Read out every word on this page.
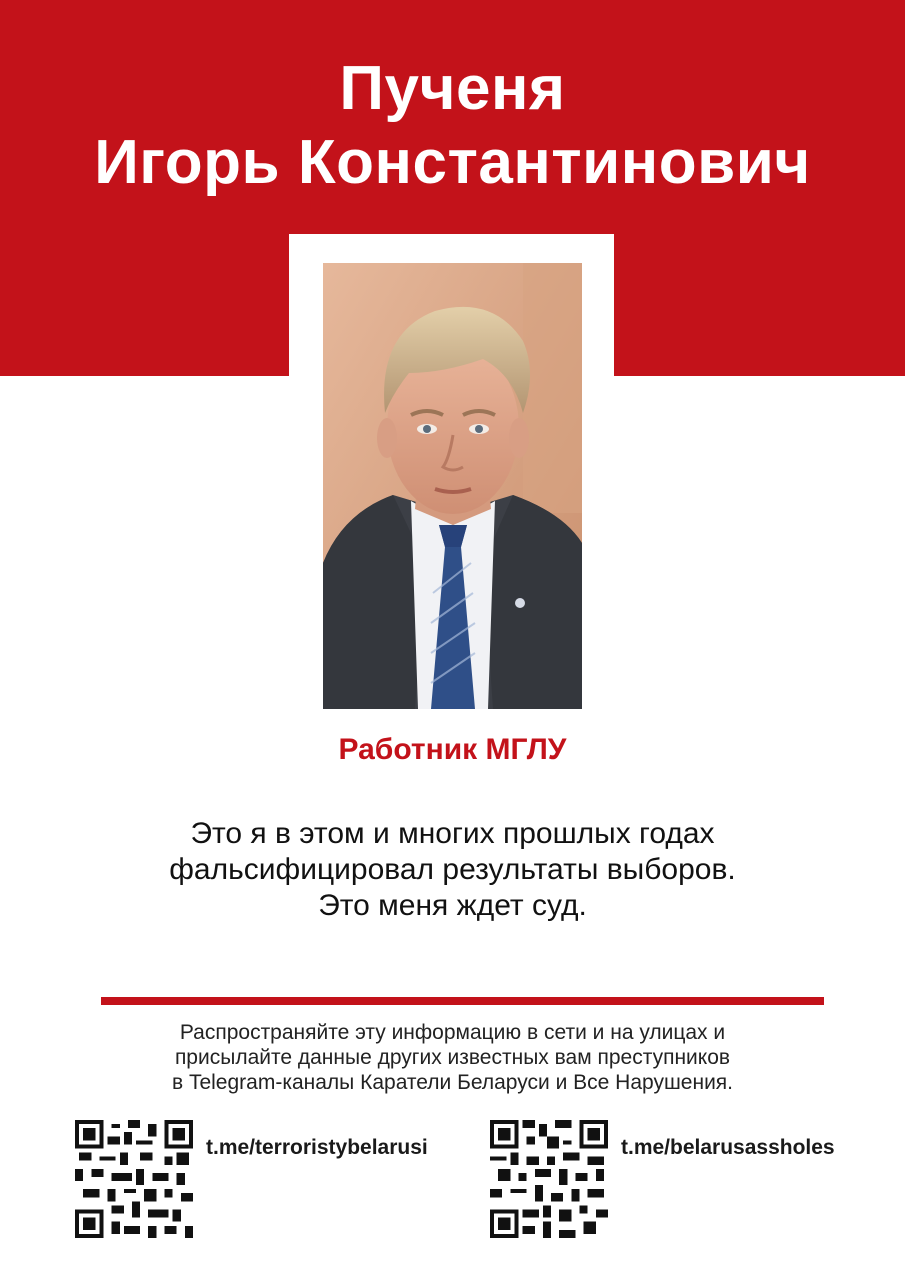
Пученя
Игорь Константинович
Работник МГЛУ
Это я в этом и многих прошлых годах
фальсифицировал результаты выборов.
Это меня ждет суд.
Распространяйте эту информацию в сети и на улицах и
присылайте данные других известных вам преступников
в Telegram-каналы Каратели Беларуси и Все Нарушения.
t.me/terroristybelarusi	t.me/belarusassholes
